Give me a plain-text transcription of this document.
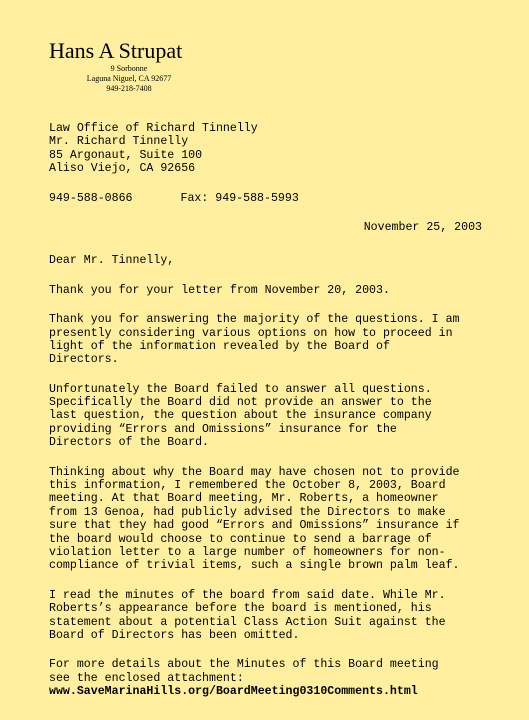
Hans A Strupat
9 Sorbonne
Laguna Niguel, CA 92677
949-218-7408
Law Office of Richard Tinnelly
Mr. Richard Tinnelly
85 Argonaut, Suite 100
Aliso Viejo, CA 92656
949-588-0866	Fax: 949-588-5993
November 25, 2003
Dear Mr. Tinnelly,
Thank you for your letter from November 20, 2003.
Thank you for answering the majority of the questions. I am
presently considering various options on how to proceed in
light of the information revealed by the Board of
Directors.
Unfortunately the Board failed to answer all questions.
Specifically the Board did not provide an answer to the
last question, the question about the insurance company
providing “Errors and Omissions” insurance for the
Directors of the Board.
Thinking about why the Board may have chosen not to provide
this information, I remembered the October 8, 2003, Board
meeting. At that Board meeting, Mr. Roberts, a homeowner
from 13 Genoa, had publicly advised the Directors to make
sure that they had good “Errors and Omissions” insurance if
the board would choose to continue to send a barrage of
violation letter to a large number of homeowners for non-
compliance of trivial items, such a single brown palm leaf.
I read the minutes of the board from said date. While Mr.
Roberts’s appearance before the board is mentioned, his
statement about a potential Class Action Suit against the
Board of Directors has been omitted.
For more details about the Minutes of this Board meeting
see the enclosed attachment:
www.SaveMarinaHills.org/BoardMeeting0310Comments.html
